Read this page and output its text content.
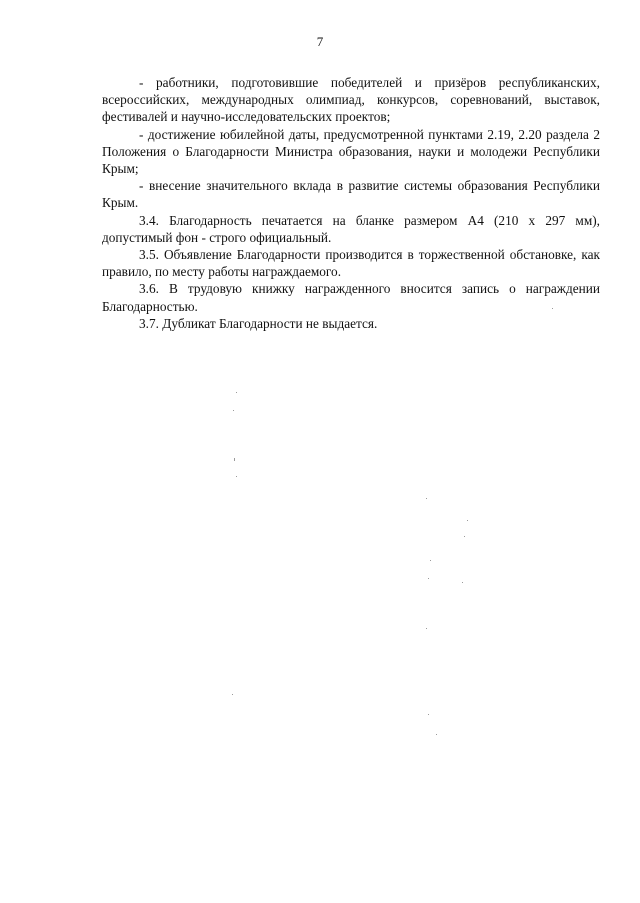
7

- работники, подготовившие победителей и призёров республиканских, всероссийских, международных олимпиад, конкурсов, соревнований, выставок, фестивалей и научно-исследовательских проектов;

- достижение юбилейной даты, предусмотренной пунктами 2.19, 2.20 раздела 2 Положения о Благодарности Министра образования, науки и молодежи Республики Крым;

- внесение значительного вклада в развитие системы образования Республики Крым.

3.4. Благодарность печатается на бланке размером А4 (210 х 297 мм), допустимый фон - строго официальный.

3.5. Объявление Благодарности производится в торжественной обстановке, как правило, по месту работы награждаемого.

3.6. В трудовую книжку награжденного вносится запись о награждении Благодарностью.

3.7. Дубликат Благодарности не выдается.
